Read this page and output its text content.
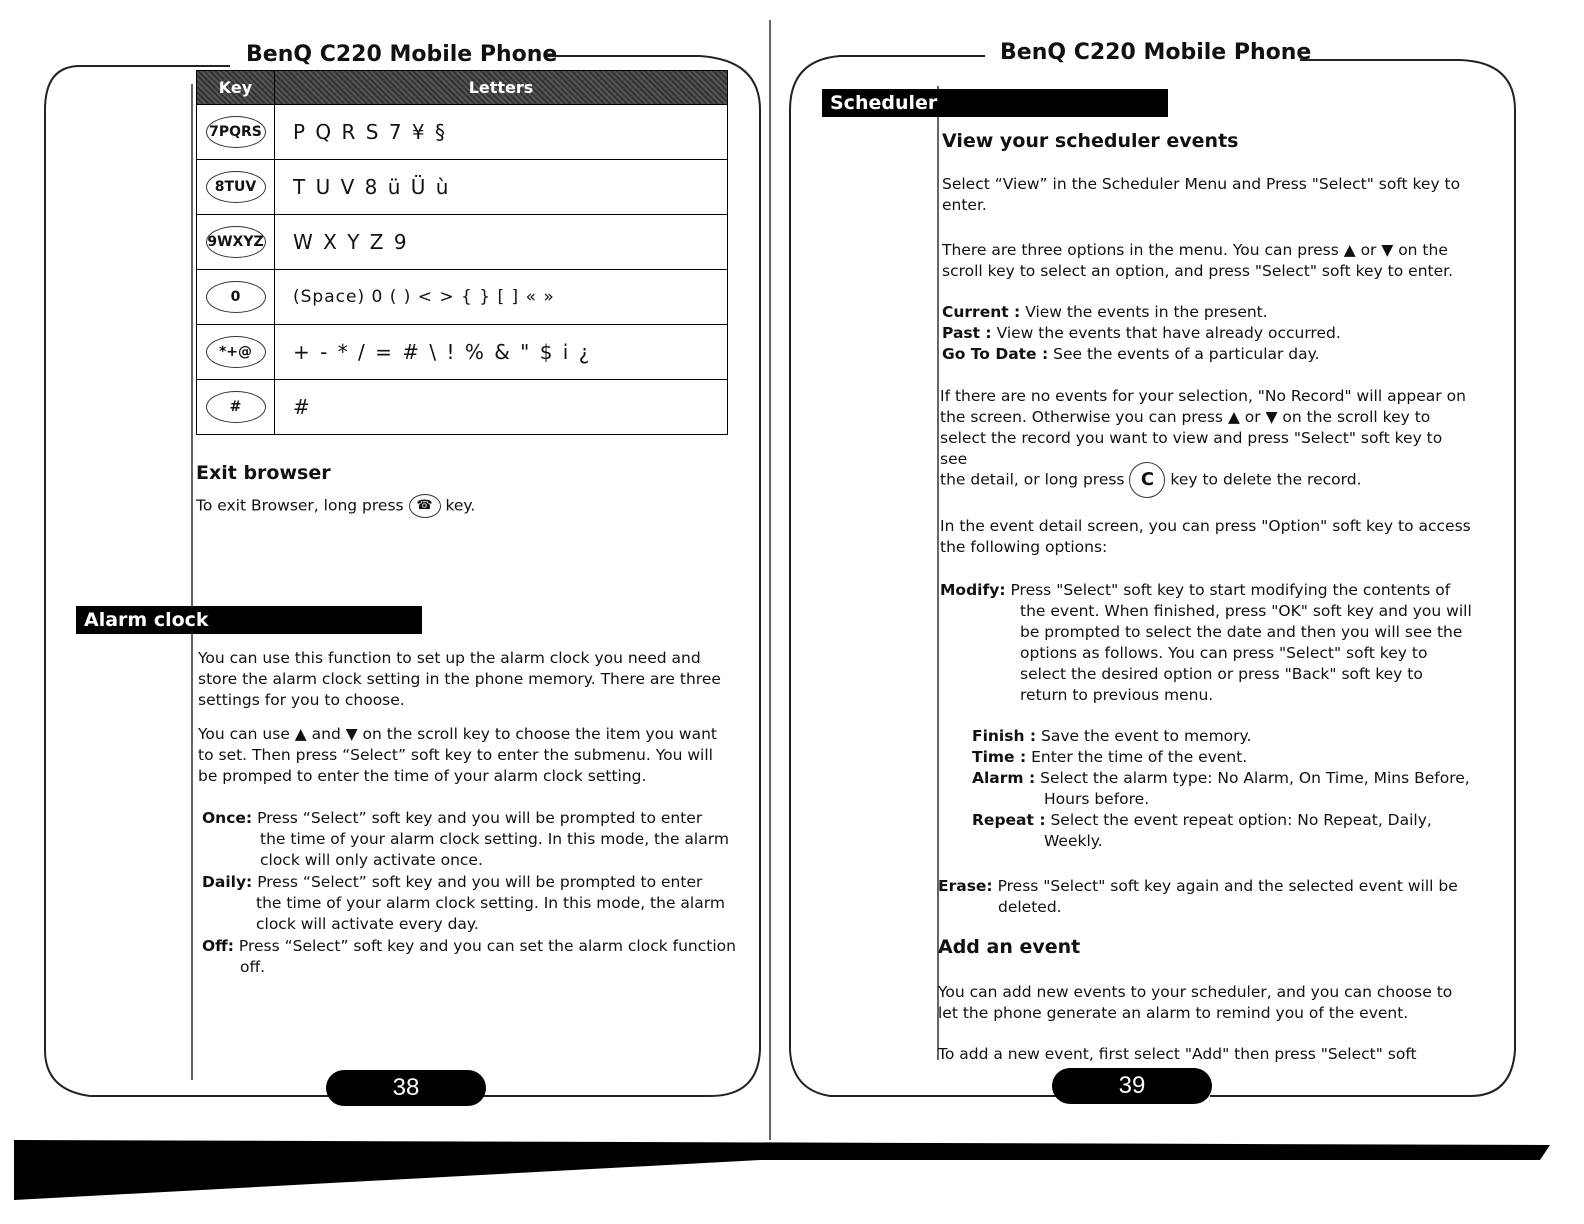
BenQ C220 Mobile Phone
Key	Letters
7PQRS	P Q R S 7 ¥ §
8TUV	T U V 8 ü Ü ù
9WXYZ	W X Y Z 9
0	(Space) 0 ( ) < > { } [ ] « »
*+@	+ - * / = # \ ! % & " $ i ¿
#	#
Exit browser
To exit Browser, long press ☎ key.
Alarm clock
You can use this function to set up the alarm clock you need and store the alarm clock setting in the phone memory. There are three settings for you to choose.
You can use ▲ and ▼ on the scroll key to choose the item you want to set. Then press “Select” soft key to enter the submenu. You will be promped to enter the time of your alarm clock setting.
Once: Press “Select” soft key and you will be prompted to enter the time of your alarm clock setting. In this mode, the alarm clock will only activate once.
Daily: Press “Select” soft key and you will be prompted to enter the time of your alarm clock setting. In this mode, the alarm clock will activate every day.
Off: Press “Select” soft key and you can set the alarm clock function off.
38
BenQ C220 Mobile Phone
Scheduler
View your scheduler events
Select “View” in the Scheduler Menu and Press "Select" soft key to enter.
There are three options in the menu. You can press ▲ or ▼ on the scroll key to select an option, and press "Select" soft key to enter.
Current : View the events in the present.
Past : View the events that have already occurred.
Go To Date : See the events of a particular day.
If there are no events for your selection, "No Record" will appear on the screen. Otherwise you can press ▲ or ▼ on the scroll key to select the record you want to view and press "Select" soft key to see
the detail, or long press C key to delete the record.
In the event detail screen, you can press "Option" soft key to access the following options:
Modify: Press "Select" soft key to start modifying the contents of the event. When finished, press "OK" soft key and you will be prompted to select the date and then you will see the options as follows. You can press "Select" soft key to select the desired option or press "Back" soft key to return to previous menu.
Finish : Save the event to memory.
Time : Enter the time of the event.
Alarm : Select the alarm type: No Alarm, On Time, Mins Before, Hours before.
Repeat : Select the event repeat option: No Repeat, Daily, Weekly.
Erase: Press "Select" soft key again and the selected event will be deleted.
Add an event
You can add new events to your scheduler, and you can choose to let the phone generate an alarm to remind you of the event.
To add a new event, first select "Add" then press "Select" soft
39
